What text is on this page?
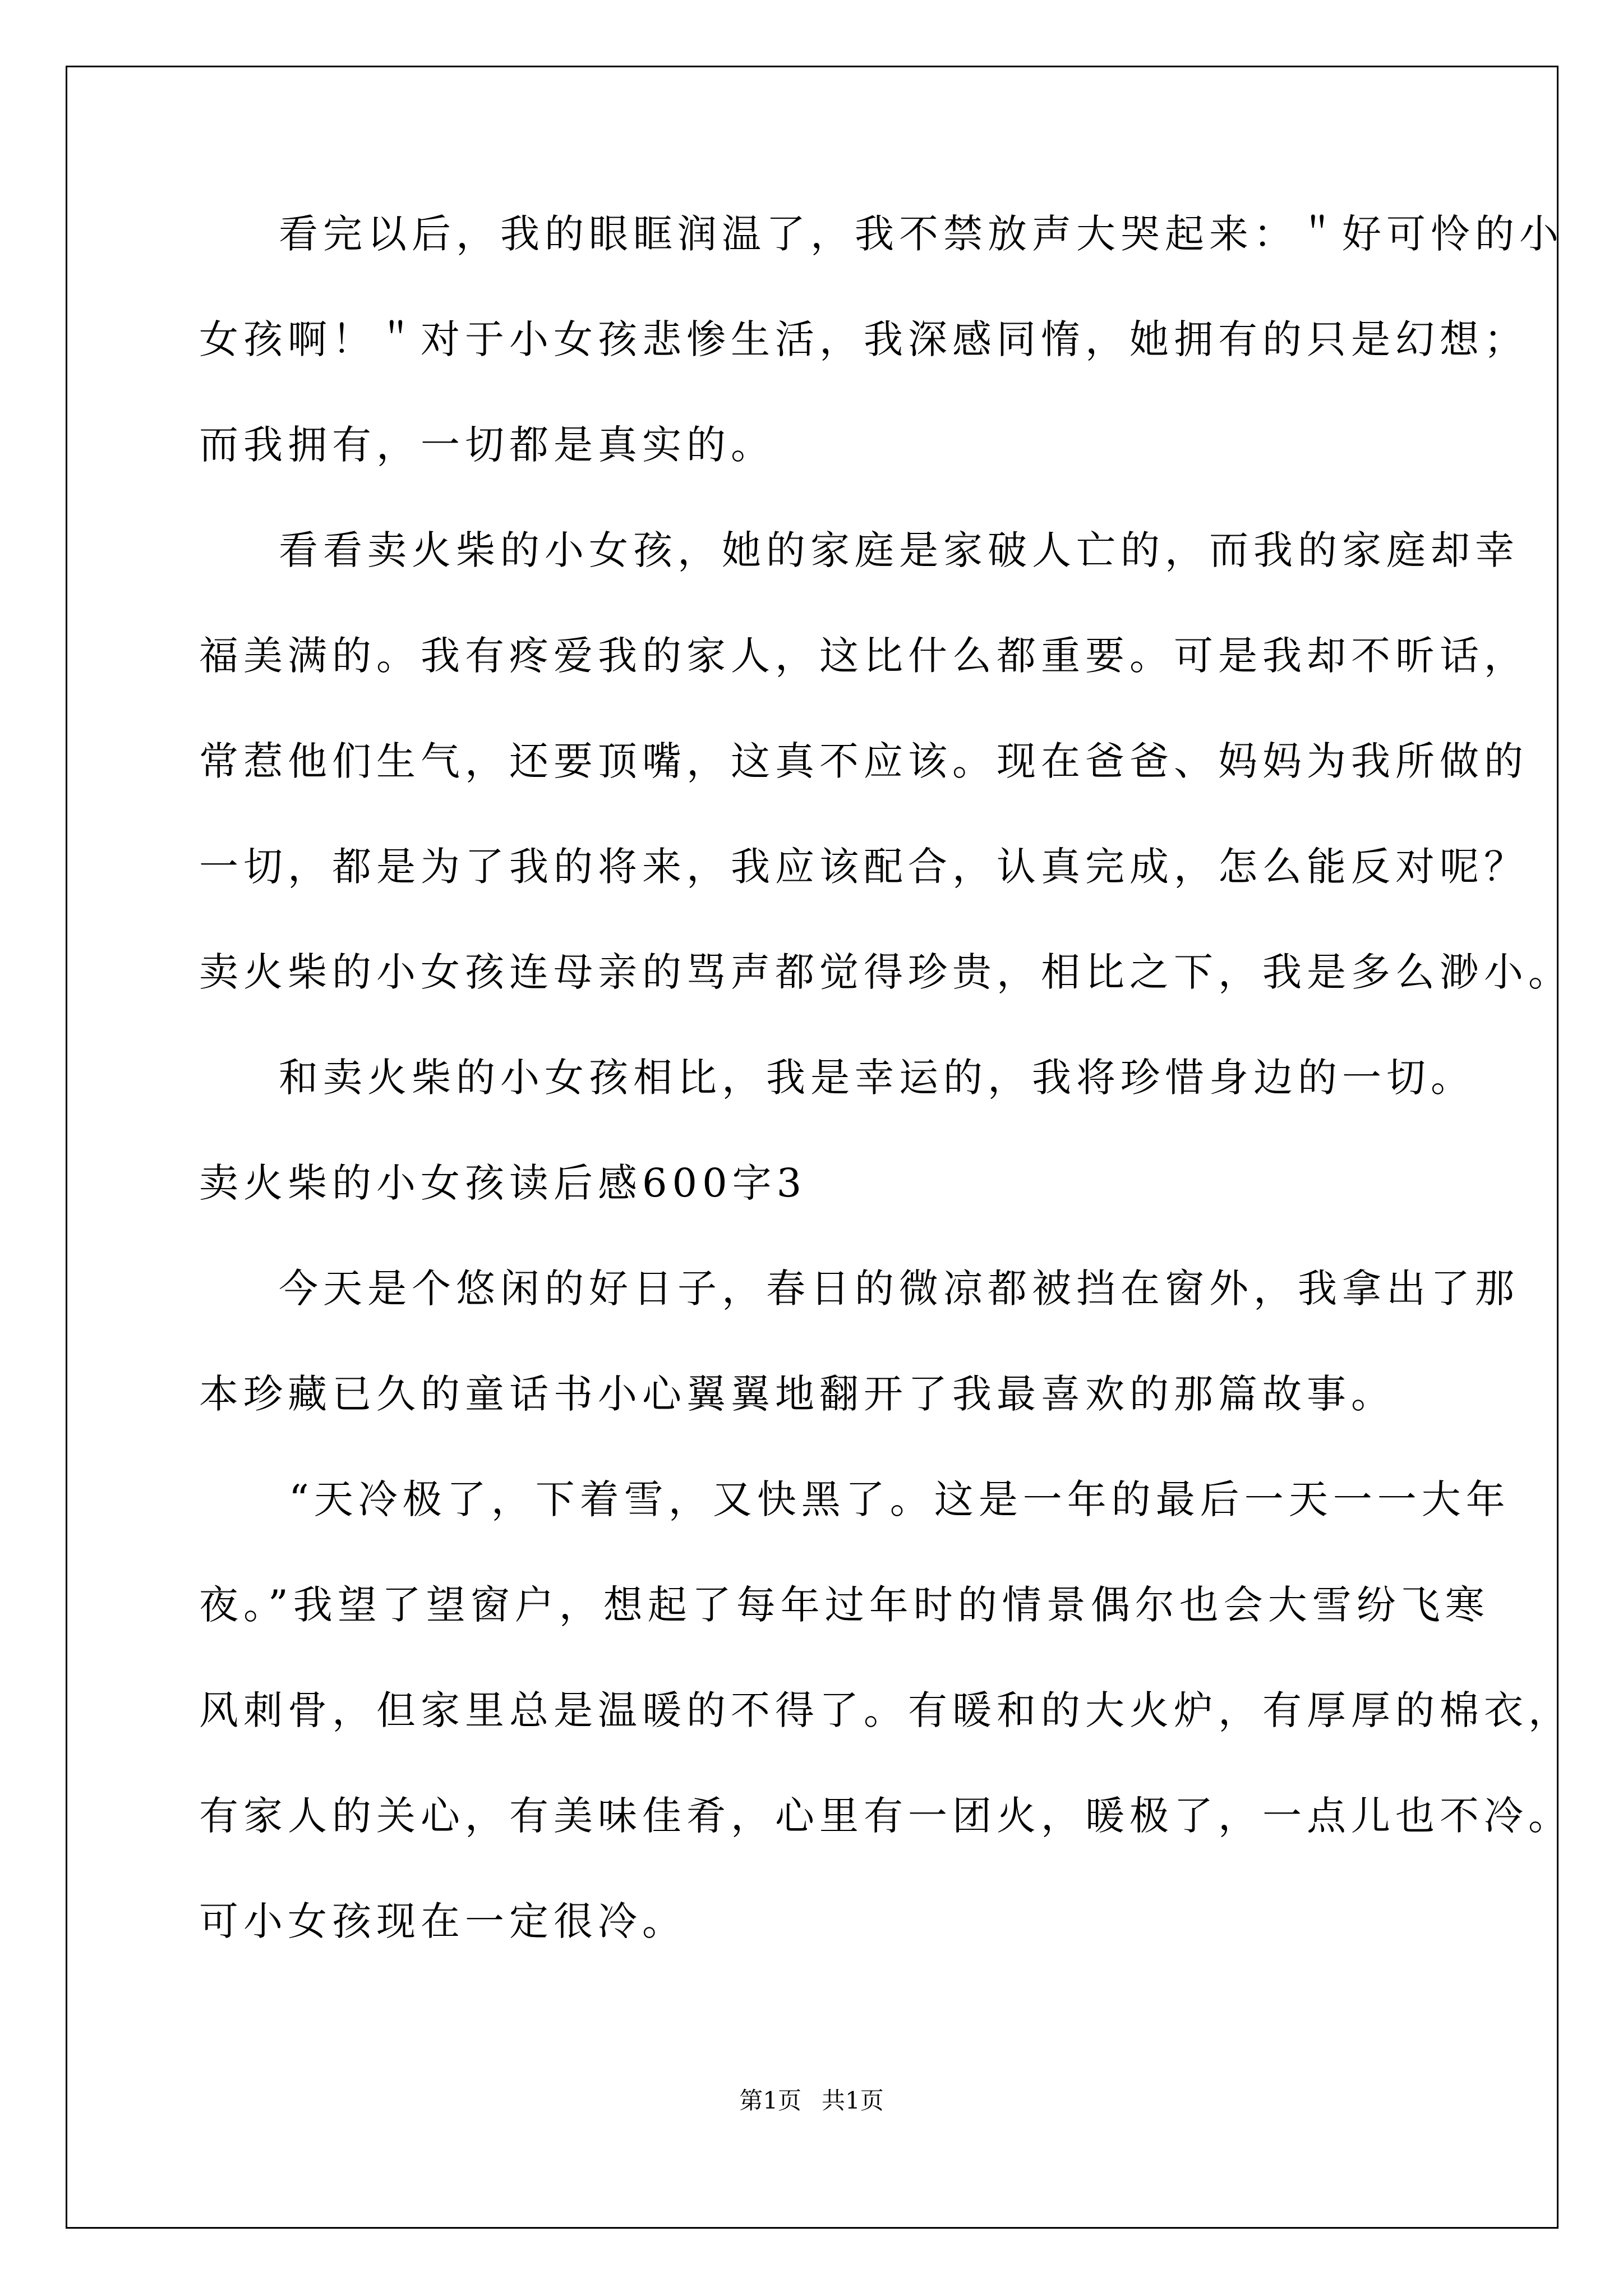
看完以后，我的眼眶润温了，我不禁放声大哭起来：＂好可怜的小
女孩啊！＂对于小女孩悲惨生活，我深感同惰，她拥有的只是幻想；
而我拥有，一切都是真实的。
看看卖火柴的小女孩，她的家庭是家破人亡的，而我的家庭却幸
福美满的。我有疼爱我的家人，这比什么都重要。可是我却不昕话，
常惹他们生气，还要顶嘴，这真不应该。现在爸爸、妈妈为我所做的
一切，都是为了我的将来，我应该配合，认真完成，怎么能反对呢？
卖火柴的小女孩连母亲的骂声都觉得珍贵，相比之下，我是多么渺小。
和卖火柴的小女孩相比，我是幸运的，我将珍惜身边的一切。
卖火柴的小女孩读后感600字3
今天是个悠闲的好日子，春日的微凉都被挡在窗外，我拿出了那
本珍藏已久的童话书小心翼翼地翻开了我最喜欢的那篇故事。
“天冷极了，下着雪，又快黑了。这是一年的最后一天一一大年
夜。”我望了望窗户，想起了每年过年时的情景偶尔也会大雪纷飞寒
风刺骨，但家里总是温暖的不得了。有暖和的大火炉，有厚厚的棉衣，
有家人的关心，有美味佳肴，心里有一团火，暖极了，一点儿也不冷。
可小女孩现在一定很冷。
第1页 共1页
